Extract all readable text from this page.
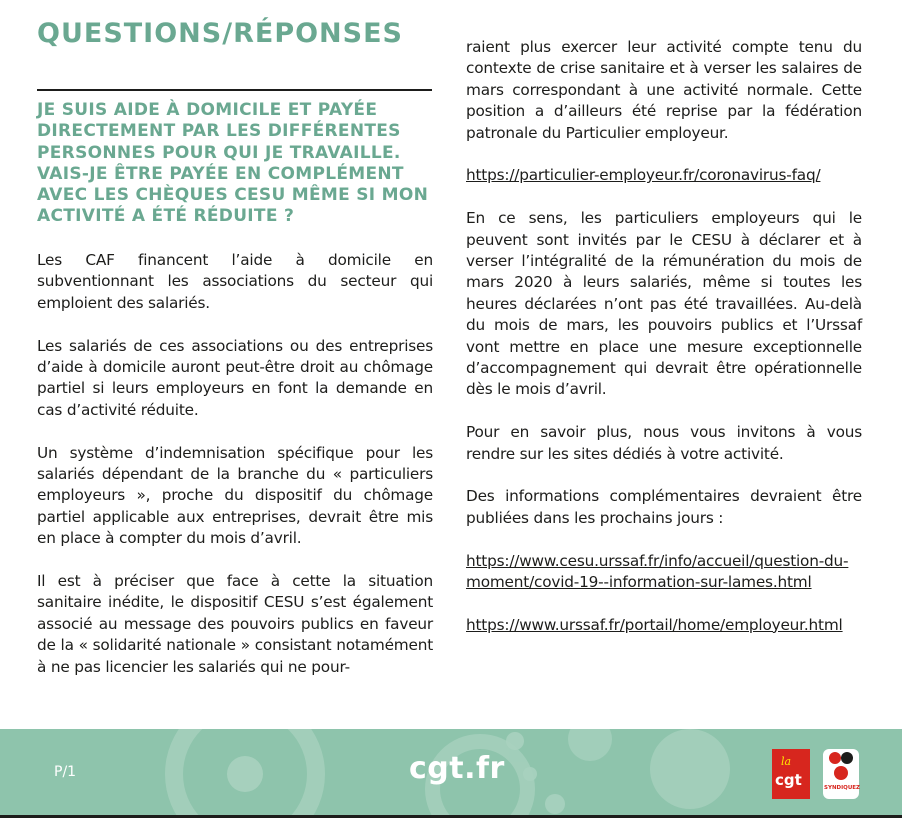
QUESTIONS/RÉPONSES
JE SUIS AIDE À DOMICILE ET PAYÉE
DIRECTEMENT PAR LES DIFFÉRENTES
PERSONNES POUR QUI JE TRAVAILLE.
VAIS-JE ÊTRE PAYÉE EN COMPLÉMENT
AVEC LES CHÈQUES CESU MÊME SI MON
ACTIVITÉ A ÉTÉ RÉDUITE ?

Les CAF financent l’aide à domicile en subventionnant les associations du secteur qui emploient des salariés.

Les salariés de ces associations ou des entreprises d’aide à domicile auront peut-être droit au chômage partiel si leurs employeurs en font la demande en cas d’activité réduite.

Un système d’indemnisation spécifique pour les salariés dépendant de la branche du « particuliers employeurs », proche du dispositif du chômage partiel applicable aux entreprises, devrait être mis en place à compter du mois d’avril.

Il est à préciser que face à cette la situation sanitaire inédite, le dispositif CESU s’est également associé au message des pouvoirs publics en faveur de la « solidarité nationale » consistant notamément à ne pas licencier les salariés qui ne pour-

raient plus exercer leur activité compte tenu du contexte de crise sanitaire et à verser les salaires de mars correspondant à une activité normale. Cette position a d’ailleurs été reprise par la fédération patronale du Particulier employeur.

https://particulier-employeur.fr/coronavirus-faq/

En ce sens, les particuliers employeurs qui le peuvent sont invités par le CESU à déclarer et à verser l’intégralité de la rémunération du mois de mars 2020 à leurs salariés, même si toutes les heures déclarées n’ont pas été travaillées. Au-delà du mois de mars, les pouvoirs publics et l’Urssaf vont mettre en place une mesure exceptionnelle d’accompagnement qui devrait être opérationnelle dès le mois d’avril.

Pour en savoir plus, nous vous invitons à vous rendre sur les sites dédiés à votre activité.

Des informations complémentaires devraient être publiées dans les prochains jours :

https://www.cesu.urssaf.fr/info/accueil/question-du-moment/covid-19--information-sur-lames.html

https://www.urssaf.fr/portail/home/employeur.html

P/1	cgt.fr	la
cgt	SYNDIQUEZ
